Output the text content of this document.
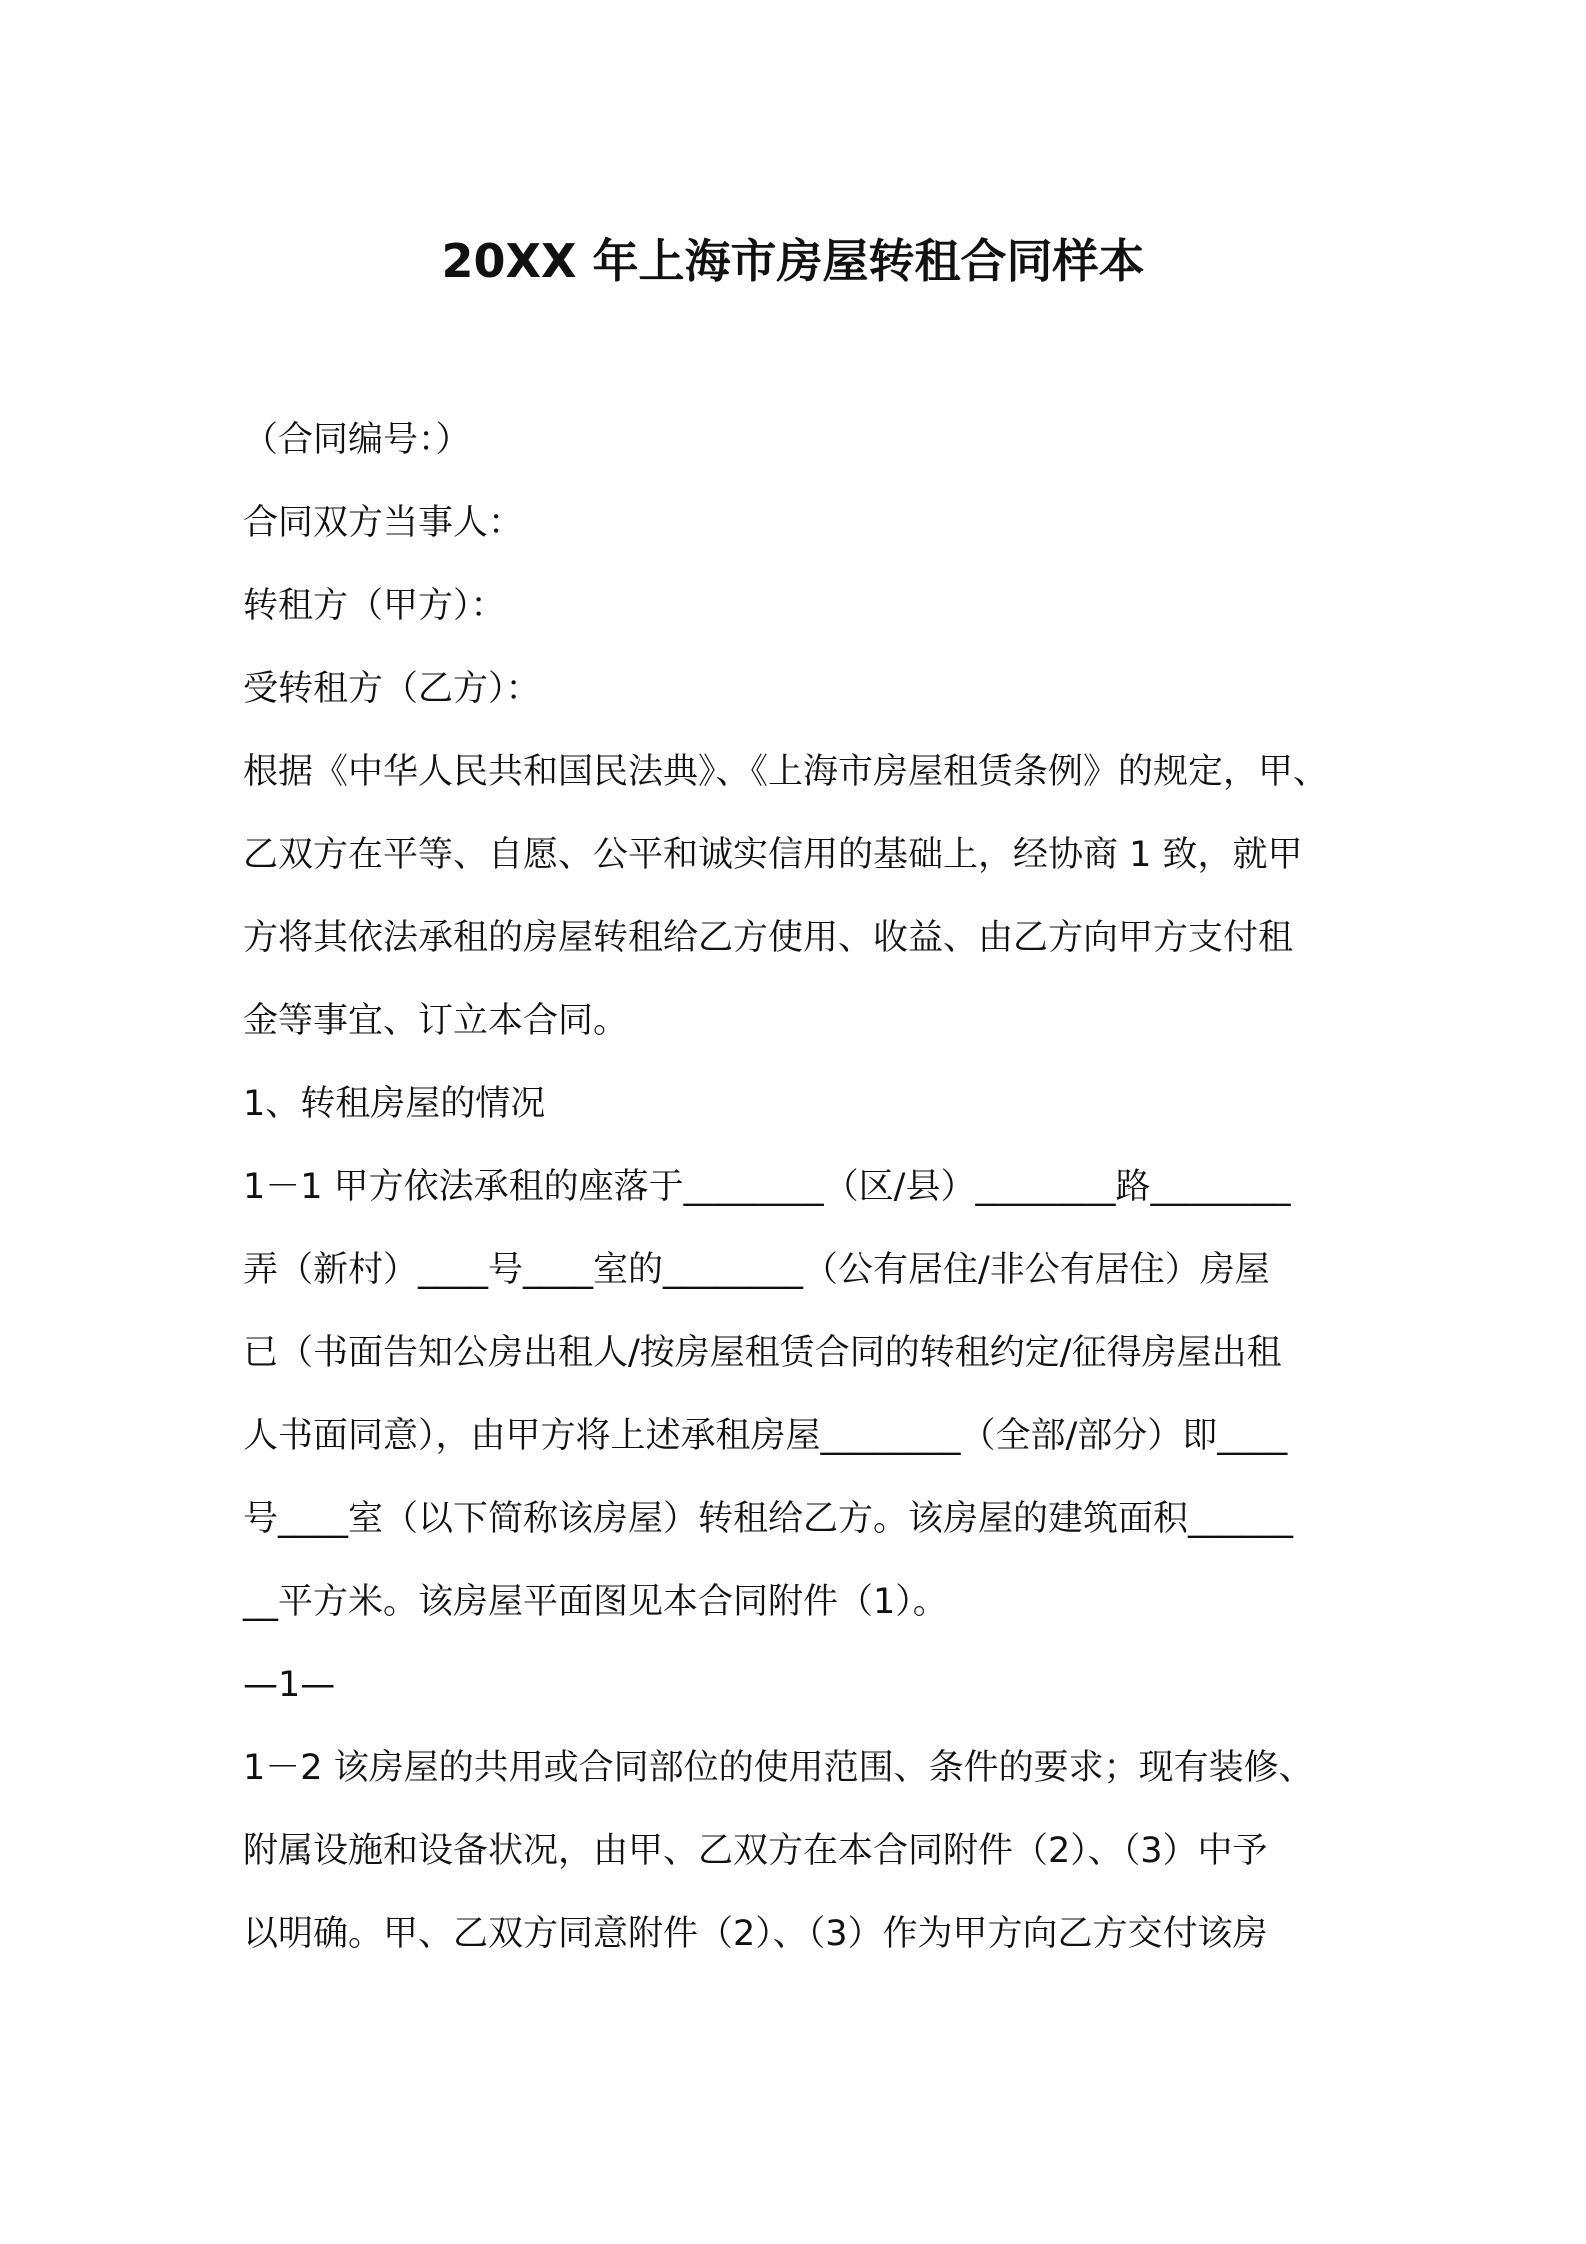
20XX 年上海市房屋转租合同样本
（合同编号：）
合同双方当事人：
转租方（甲方）：
受转租方（乙方）：
根据《中华人民共和国民法典》、《上海市房屋租赁条例》的规定，甲、
乙双方在平等、自愿、公平和诚实信用的基础上，经协商 1 致，就甲
方将其依法承租的房屋转租给乙方使用、收益、由乙方向甲方支付租
金等事宜、订立本合同。
1、转租房屋的情况
1－1 甲方依法承租的座落于________（区/县）________路________
弄（新村）____号____室的________（公有居住/非公有居住）房屋
已（书面告知公房出租人/按房屋租赁合同的转租约定/征得房屋出租
人书面同意），由甲方将上述承租房屋________（全部/部分）即____
号____室（以下简称该房屋）转租给乙方。该房屋的建筑面积______
__平方米。该房屋平面图见本合同附件（1）。
—1—
1－2 该房屋的共用或合同部位的使用范围、条件的要求；现有装修、
附属设施和设备状况，由甲、乙双方在本合同附件（2）、（3）中予
以明确。甲、乙双方同意附件（2）、（3）作为甲方向乙方交付该房
